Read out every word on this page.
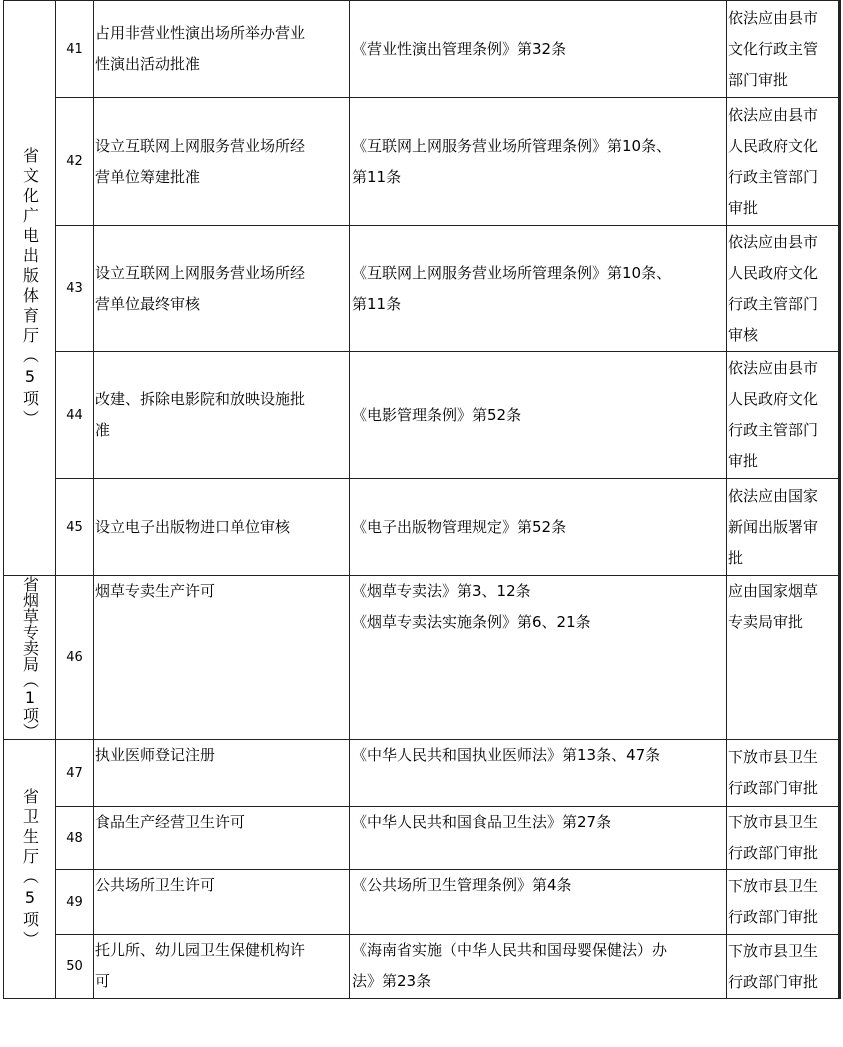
省文化广电出版体育厅（5项）	41	占用非营业性演出场所举办营业
性演出活动批准	《营业性演出管理条例》第32条	依法应由县市
文化行政主管
部门审批

	42	设立互联网上网服务营业场所经
营单位筹建批准	《互联网上网服务营业场所管理条例》第10条、
第11条	依法应由县市
人民政府文化
行政主管部门
审批

	43	设立互联网上网服务营业场所经
营单位最终审核	《互联网上网服务营业场所管理条例》第10条、
第11条	依法应由县市
人民政府文化
行政主管部门
审核

	44	改建、拆除电影院和放映设施批
准	《电影管理条例》第52条	依法应由县市
人民政府文化
行政主管部门
审批

	45	设立电子出版物进口单位审核	《电子出版物管理规定》第52条	依法应由国家
新闻出版署审
批

省烟草专卖局（1项）	46	烟草专卖生产许可	《烟草专卖法》第3、12条
《烟草专卖法实施条例》第6、21条	应由国家烟草
专卖局审批

省卫生厅（5项）	47	执业医师登记注册	《中华人民共和国执业医师法》第13条、47条	下放市县卫生
行政部门审批

	48	食品生产经营卫生许可	《中华人民共和国食品卫生法》第27条	下放市县卫生
行政部门审批

	49	公共场所卫生许可	《公共场所卫生管理条例》第4条	下放市县卫生
行政部门审批

	50	托儿所、幼儿园卫生保健机构许
可	《海南省实施（中华人民共和国母婴保健法）办
法》第23条	下放市县卫生
行政部门审批
